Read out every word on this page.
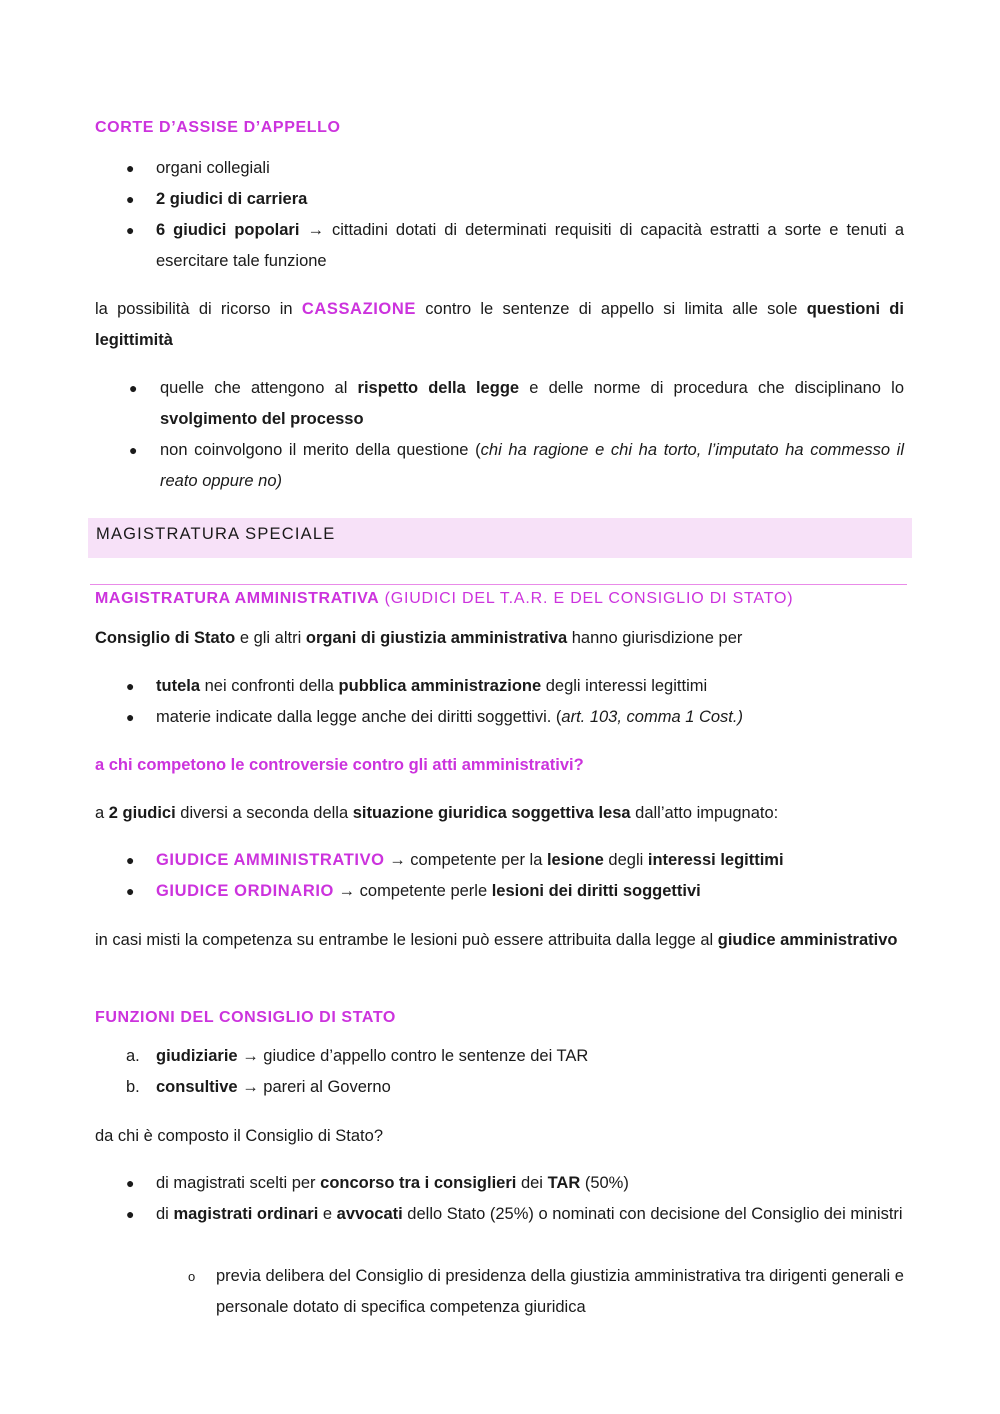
CORTE D’ASSISE D’APPELLO
● organi collegiali
● 2 giudici di carriera
● 6 giudici popolari → cittadini dotati di determinati requisiti di capacità estratti a sorte e tenuti a esercitare tale funzione

la possibilità di ricorso in CASSAZIONE contro le sentenze di appello si limita alle sole questioni di legittimità

● quelle che attengono al rispetto della legge e delle norme di procedura che disciplinano lo svolgimento del processo
● non coinvolgono il merito della questione (chi ha ragione e chi ha torto, l’imputato ha commesso il reato oppure no)
MAGISTRATURA SPECIALE
MAGISTRATURA AMMINISTRATIVA (GIUDICI DEL T.A.R. E DEL CONSIGLIO DI STATO)

Consiglio di Stato e gli altri organi di giustizia amministrativa hanno giurisdizione per

● tutela nei confronti della pubblica amministrazione degli interessi legittimi
● materie indicate dalla legge anche dei diritti soggettivi. (art. 103, comma 1 Cost.)

a chi competono le controversie contro gli atti amministrativi?

a 2 giudici diversi a seconda della situazione giuridica soggettiva lesa dall’atto impugnato:

● GIUDICE AMMINISTRATIVO → competente per la lesione degli interessi legittimi
● GIUDICE ORDINARIO → competente perle lesioni dei diritti soggettivi

in casi misti la competenza su entrambe le lesioni può essere attribuita dalla legge al giudice amministrativo

FUNZIONI DEL CONSIGLIO DI STATO
a. giudiziarie → giudice d’appello contro le sentenze dei TAR
b. consultive → pareri al Governo

da chi è composto il Consiglio di Stato?

● di magistrati scelti per concorso tra i consiglieri dei TAR (50%)
● di magistrati ordinari e avvocati dello Stato (25%) o nominati con decisione del Consiglio dei ministri
o previa delibera del Consiglio di presidenza della giustizia amministrativa tra dirigenti generali e personale dotato di specifica competenza giuridica
